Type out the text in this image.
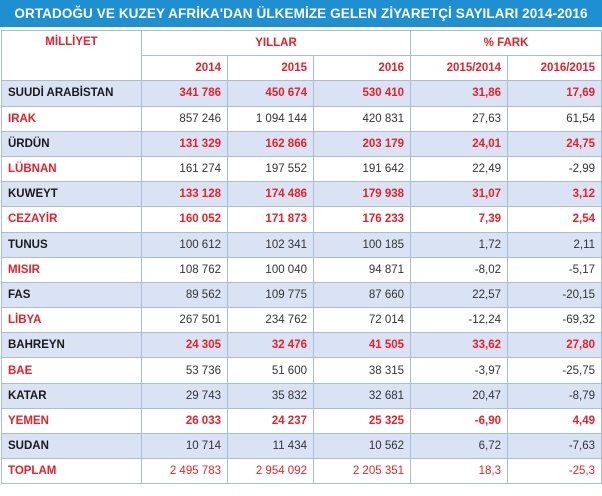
ORTADOĞU VE KUZEY AFRİKA'DAN ÜLKEMİZE GELEN ZİYARETÇİ SAYILARI 2014-2016
MİLLİYET	YILLAR			% FARK	
	2014	2015	2016	2015/2014	2016/2015
SUUDİ ARABİSTAN	341 786	450 674	530 410	31,86	17,69
IRAK	857 246	1 094 144	420 831	27,63	61,54
ÜRDÜN	131 329	162 866	203 179	24,01	24,75
LÜBNAN	161 274	197 552	191 642	22,49	-2,99
KUWEYT	133 128	174 486	179 938	31,07	3,12
CEZAYİR	160 052	171 873	176 233	7,39	2,54
TUNUS	100 612	102 341	100 185	1,72	2,11
MISIR	108 762	100 040	94 871	-8,02	-5,17
FAS	89 562	109 775	87 660	22,57	-20,15
LİBYA	267 501	234 762	72 014	-12,24	-69,32
BAHREYN	24 305	32 476	41 505	33,62	27,80
BAE	53 736	51 600	38 315	-3,97	-25,75
KATAR	29 743	35 832	32 681	20,47	-8,79
YEMEN	26 033	24 237	25 325	-6,90	4,49
SUDAN	10 714	11 434	10 562	6,72	-7,63
TOPLAM	2 495 783	2 954 092	2 205 351	18,3	-25,3
